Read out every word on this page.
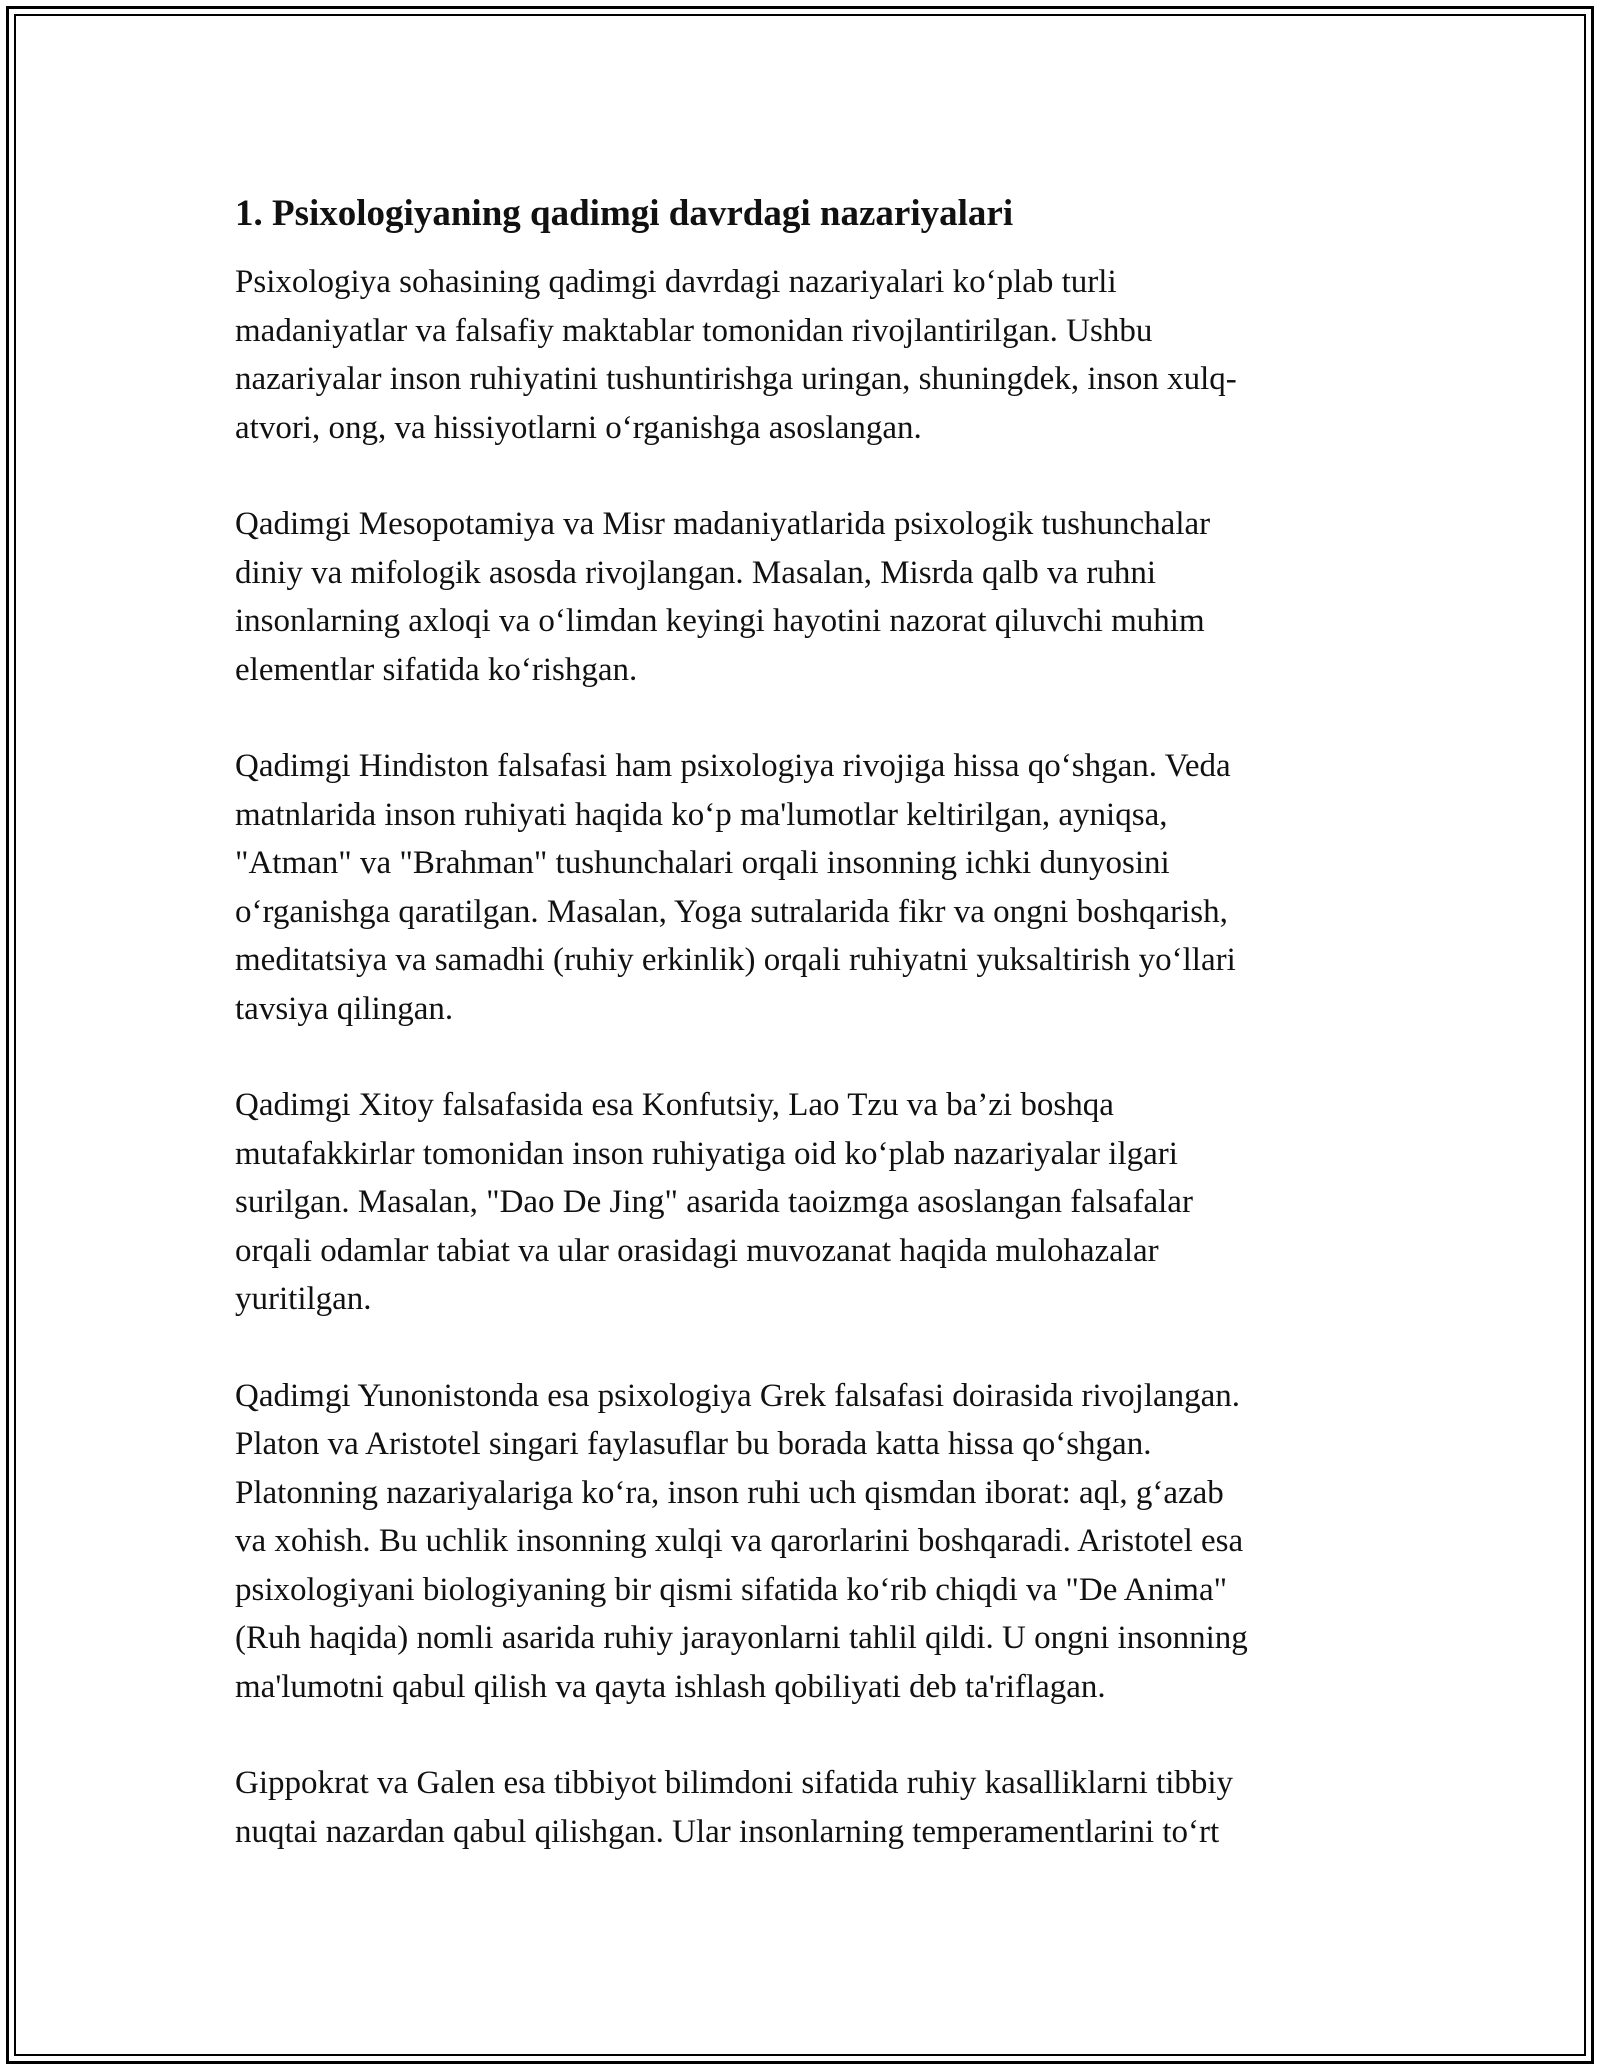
1. Psixologiyaning qadimgi davrdagi nazariyalari

Psixologiya sohasining qadimgi davrdagi nazariyalari ko‘plab turli
madaniyatlar va falsafiy maktablar tomonidan rivojlantirilgan. Ushbu
nazariyalar inson ruhiyatini tushuntirishga uringan, shuningdek, inson xulq-
atvori, ong, va hissiyotlarni o‘rganishga asoslangan.

Qadimgi Mesopotamiya va Misr madaniyatlarida psixologik tushunchalar
diniy va mifologik asosda rivojlangan. Masalan, Misrda qalb va ruhni
insonlarning axloqi va o‘limdan keyingi hayotini nazorat qiluvchi muhim
elementlar sifatida ko‘rishgan.

Qadimgi Hindiston falsafasi ham psixologiya rivojiga hissa qo‘shgan. Veda
matnlarida inson ruhiyati haqida ko‘p ma'lumotlar keltirilgan, ayniqsa,
"Atman" va "Brahman" tushunchalari orqali insonning ichki dunyosini
o‘rganishga qaratilgan. Masalan, Yoga sutralarida fikr va ongni boshqarish,
meditatsiya va samadhi (ruhiy erkinlik) orqali ruhiyatni yuksaltirish yo‘llari
tavsiya qilingan.

Qadimgi Xitoy falsafasida esa Konfutsiy, Lao Tzu va ba’zi boshqa
mutafakkirlar tomonidan inson ruhiyatiga oid ko‘plab nazariyalar ilgari
surilgan. Masalan, "Dao De Jing" asarida taoizmga asoslangan falsafalar
orqali odamlar tabiat va ular orasidagi muvozanat haqida mulohazalar
yuritilgan.

Qadimgi Yunonistonda esa psixologiya Grek falsafasi doirasida rivojlangan.
Platon va Aristotel singari faylasuflar bu borada katta hissa qo‘shgan.
Platonning nazariyalariga ko‘ra, inson ruhi uch qismdan iborat: aql, g‘azab
va xohish. Bu uchlik insonning xulqi va qarorlarini boshqaradi. Aristotel esa
psixologiyani biologiyaning bir qismi sifatida ko‘rib chiqdi va "De Anima"
(Ruh haqida) nomli asarida ruhiy jarayonlarni tahlil qildi. U ongni insonning
ma'lumotni qabul qilish va qayta ishlash qobiliyati deb ta'riflagan.

Gippokrat va Galen esa tibbiyot bilimdoni sifatida ruhiy kasalliklarni tibbiy
nuqtai nazardan qabul qilishgan. Ular insonlarning temperamentlarini to‘rt
